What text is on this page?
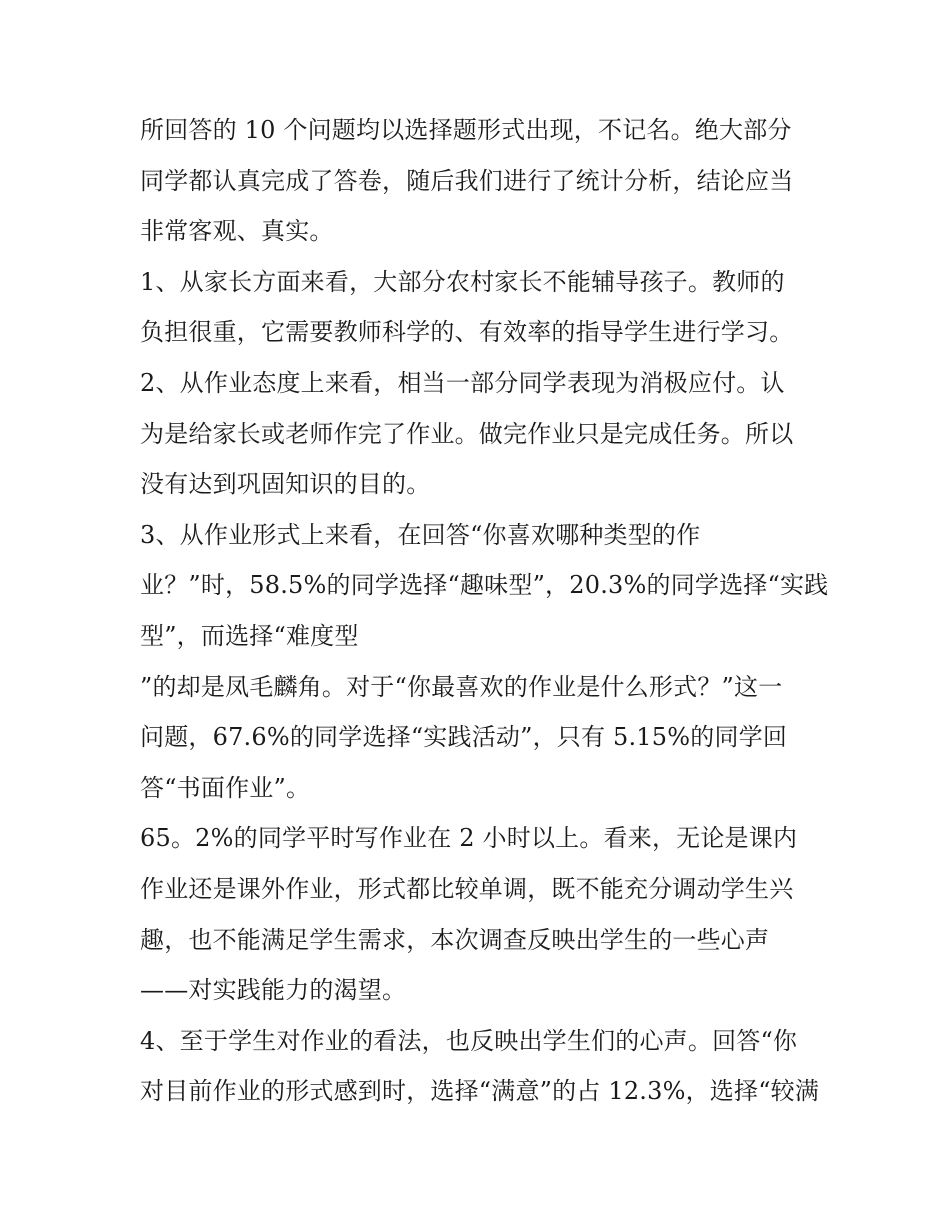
所回答的 10 个问题均以选择题形式出现，不记名。绝大部分
同学都认真完成了答卷，随后我们进行了统计分析，结论应当
非常客观、真实。
1、从家长方面来看，大部分农村家长不能辅导孩子。教师的
负担很重，它需要教师科学的、有效率的指导学生进行学习。
2、从作业态度上来看，相当一部分同学表现为消极应付。认
为是给家长或老师作完了作业。做完作业只是完成任务。所以
没有达到巩固知识的目的。
3、从作业形式上来看，在回答“你喜欢哪种类型的作
业？”时，58.5%的同学选择“趣味型”，20.3%的同学选择“实践
型”，而选择“难度型
”的却是凤毛麟角。对于“你最喜欢的作业是什么形式？”这一
问题，67.6%的同学选择“实践活动”，只有 5.15%的同学回
答“书面作业”。
65。2%的同学平时写作业在 2 小时以上。看来，无论是课内
作业还是课外作业，形式都比较单调，既不能充分调动学生兴
趣，也不能满足学生需求，本次调查反映出学生的一些心声
——对实践能力的渴望。
4、至于学生对作业的看法，也反映出学生们的心声。回答“你
对目前作业的形式感到时，选择“满意”的占 12.3%，选择“较满
